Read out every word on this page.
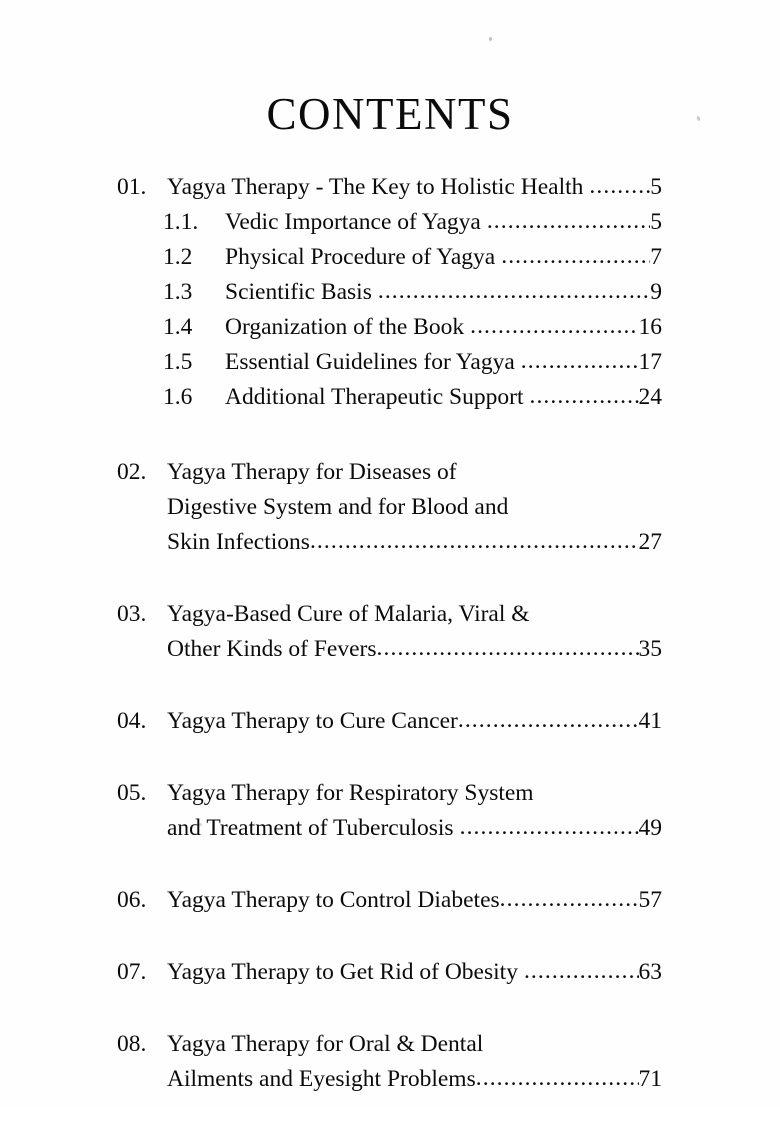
CONTENTS
01. Yagya Therapy - The Key to Holistic Health .....	5
1.1.	Vedic Importance of Yagya .....	5
1.2	Physical Procedure of Yagya .....	7
1.3	Scientific Basis .....	9
1.4	Organization of the Book .....	16
1.5	Essential Guidelines for Yagya .....	17
1.6	Additional Therapeutic Support .....	24
02. Yagya Therapy for Diseases of
Digestive System and for Blood and
Skin Infections .....	27
03. Yagya-Based Cure of Malaria, Viral &
Other Kinds of Fevers .....	35
04. Yagya Therapy to Cure Cancer .....	41
05. Yagya Therapy for Respiratory System
and Treatment of Tuberculosis .....	49
06. Yagya Therapy to Control Diabetes .....	57
07. Yagya Therapy to Get Rid of Obesity .....	63
08. Yagya Therapy for Oral & Dental
Ailments and Eyesight Problems .....	71
